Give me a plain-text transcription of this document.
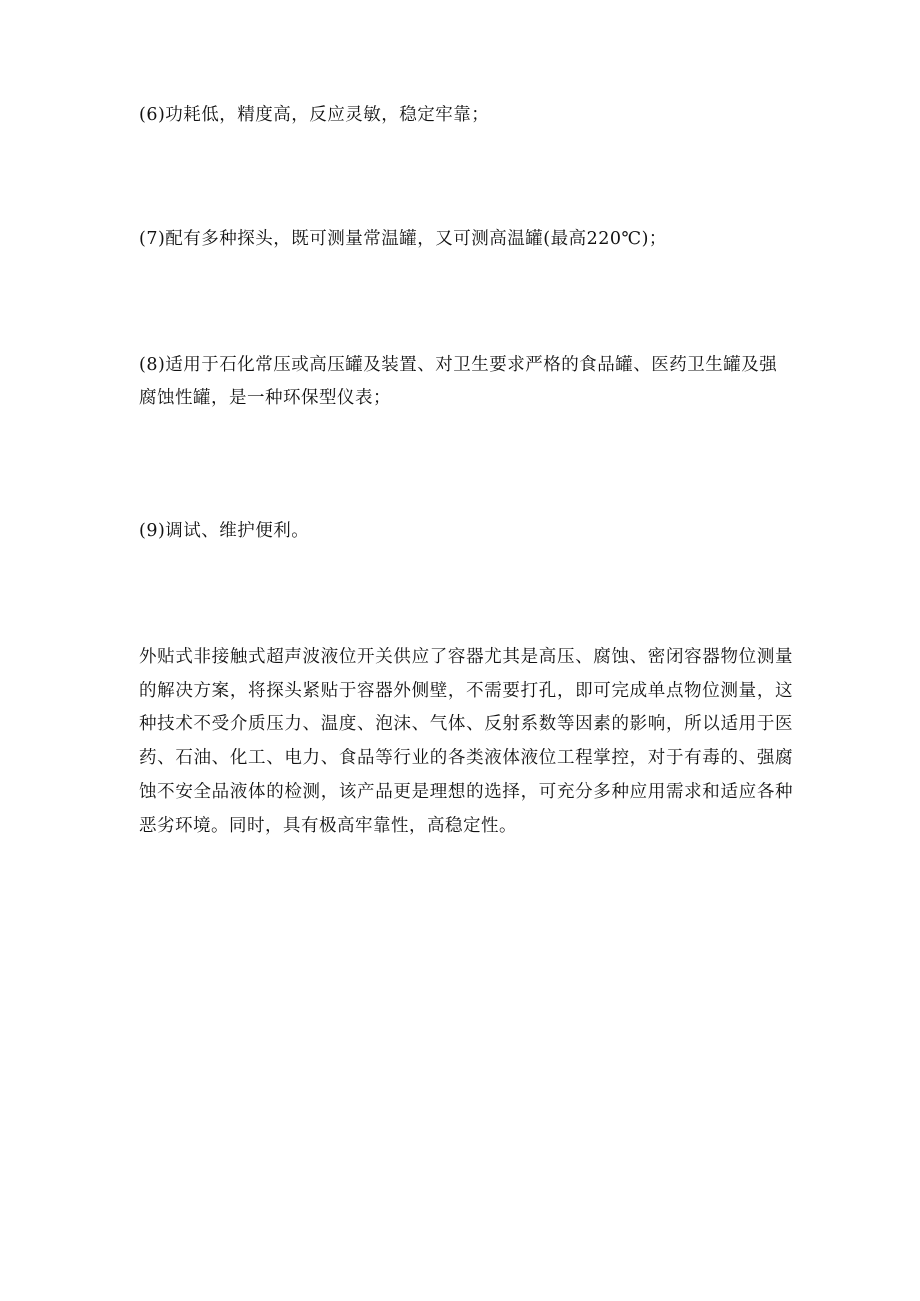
(6)功耗低，精度高，反应灵敏，稳定牢靠；

(7)配有多种探头，既可测量常温罐，又可测高温罐(最高220℃)；

(8)适用于石化常压或高压罐及装置、对卫生要求严格的食品罐、医药卫生罐及强腐蚀性罐，是一种环保型仪表；

(9)调试、维护便利。

外贴式非接触式超声波液位开关供应了容器尤其是高压、腐蚀、密闭容器物位测量的解决方案，将探头紧贴于容器外侧壁，不需要打孔，即可完成单点物位测量，这种技术不受介质压力、温度、泡沫、气体、反射系数等因素的影响，所以适用于医药、石油、化工、电力、食品等行业的各类液体液位工程掌控，对于有毒的、强腐蚀不安全品液体的检测，该产品更是理想的选择，可充分多种应用需求和适应各种恶劣环境。同时，具有极高牢靠性，高稳定性。
